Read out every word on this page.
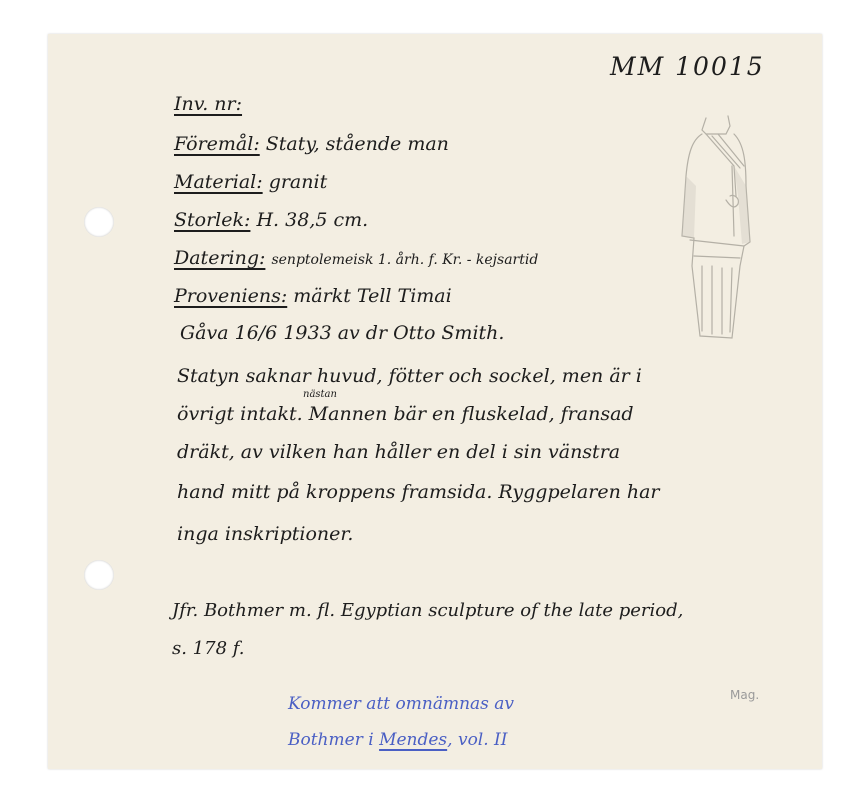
MM 10015
Inv. nr:
Föremål: Staty, stående man
Material: granit
Storlek: H. 38,5 cm.
Datering: senptolemeisk 1. årh. f. Kr. - kejsartid
Proveniens: märkt Tell Timai
Gåva 16/6 1933 av dr Otto Smith.
nästan
Statyn saknar huvud, fötter och sockel, men är i
övrigt intakt. Mannen bär en fluskelad, fransad
dräkt, av vilken han håller en del i sin vänstra
hand mitt på kroppens framsida. Ryggpelaren har
inga inskriptioner.
Jfr. Bothmer m. fl. Egyptian sculpture of the late period,
s. 178 f.
Kommer att omnämnas av
Bothmer i Mendes, vol. II
Mag.
